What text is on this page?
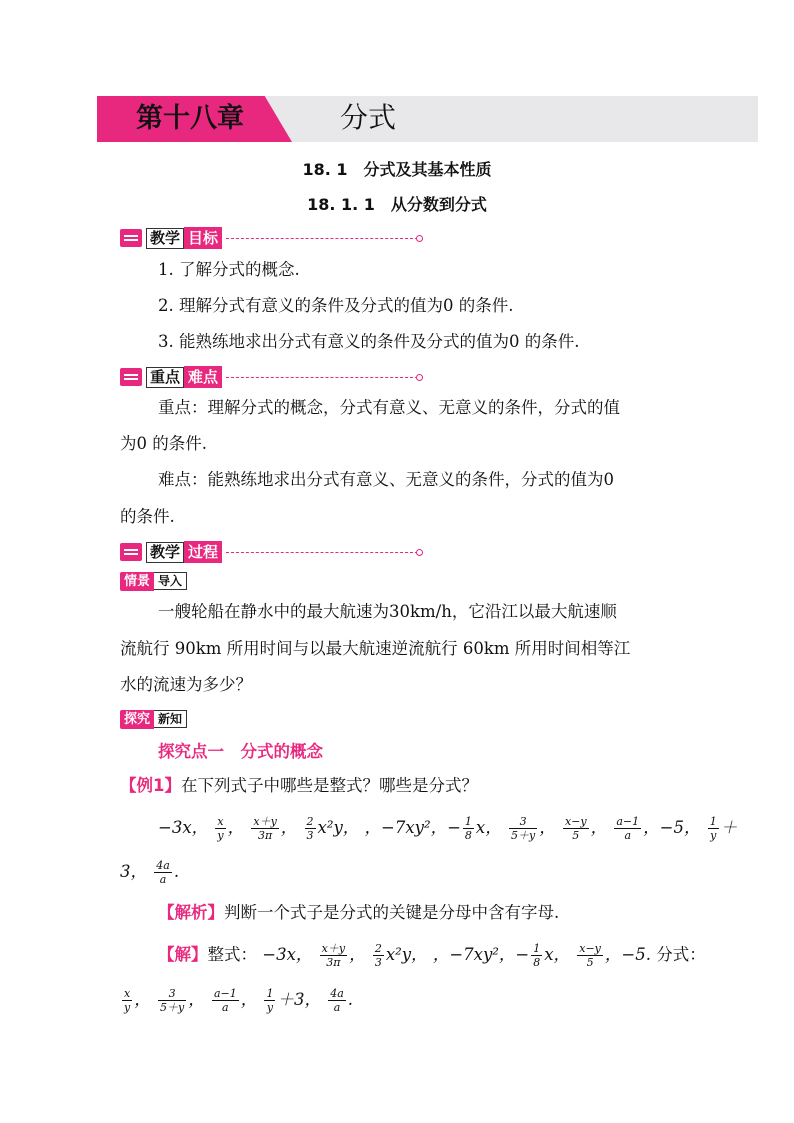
第十八章	分式
18. 1　分式及其基本性质
18. 1. 1　从分数到分式
教学 目标
1. 了解分式的概念.
2. 理解分式有意义的条件及分式的值为0 的条件.
3. 能熟练地求出分式有意义的条件及分式的值为0 的条件.
重点 难点
重点：理解分式的概念，分式有意义、无意义的条件，分式的值
为0 的条件.
难点：能熟练地求出分式有意义、无意义的条件，分式的值为0
的条件.
教学 过程
情景 导入
一艘轮船在静水中的最大航速为30km/h，它沿江以最大航速顺
流航行 90km 所用时间与以最大航速逆流航行 60km 所用时间相等江
水的流速为多少？
探究 新知
探究点一　分式的概念
【例1】在下列式子中哪些是整式？哪些是分式？
−3x， $\frac{x}{y}$ ， $\frac{x+y}{3\pi}$ ， $\frac{2}{3} x^2y$， ，−7xy²，− $\frac{1}{8}$ x， $\frac{3}{5+y}$ ， $\frac{x-y}{5}$ ， $\frac{a-1}{a}$ ，−5， $\frac{1}{y}$ ＋
3， $\frac{4a}{a}$ .
【解析】判断一个式子是分式的关键是分母中含有字母.
【解】整式： −3x， $\frac{x+y}{3\pi}$ ， $\frac{2}{3} x^2y$， ，−7xy²，− $\frac{1}{8}$ x， $\frac{x-y}{5}$ ，−5. 分式：
$\frac{x}{y}$ ， $\frac{3}{5+y}$ ， $\frac{a-1}{a}$ ， $\frac{1}{y} +3$， $\frac{4a}{a}$ .
